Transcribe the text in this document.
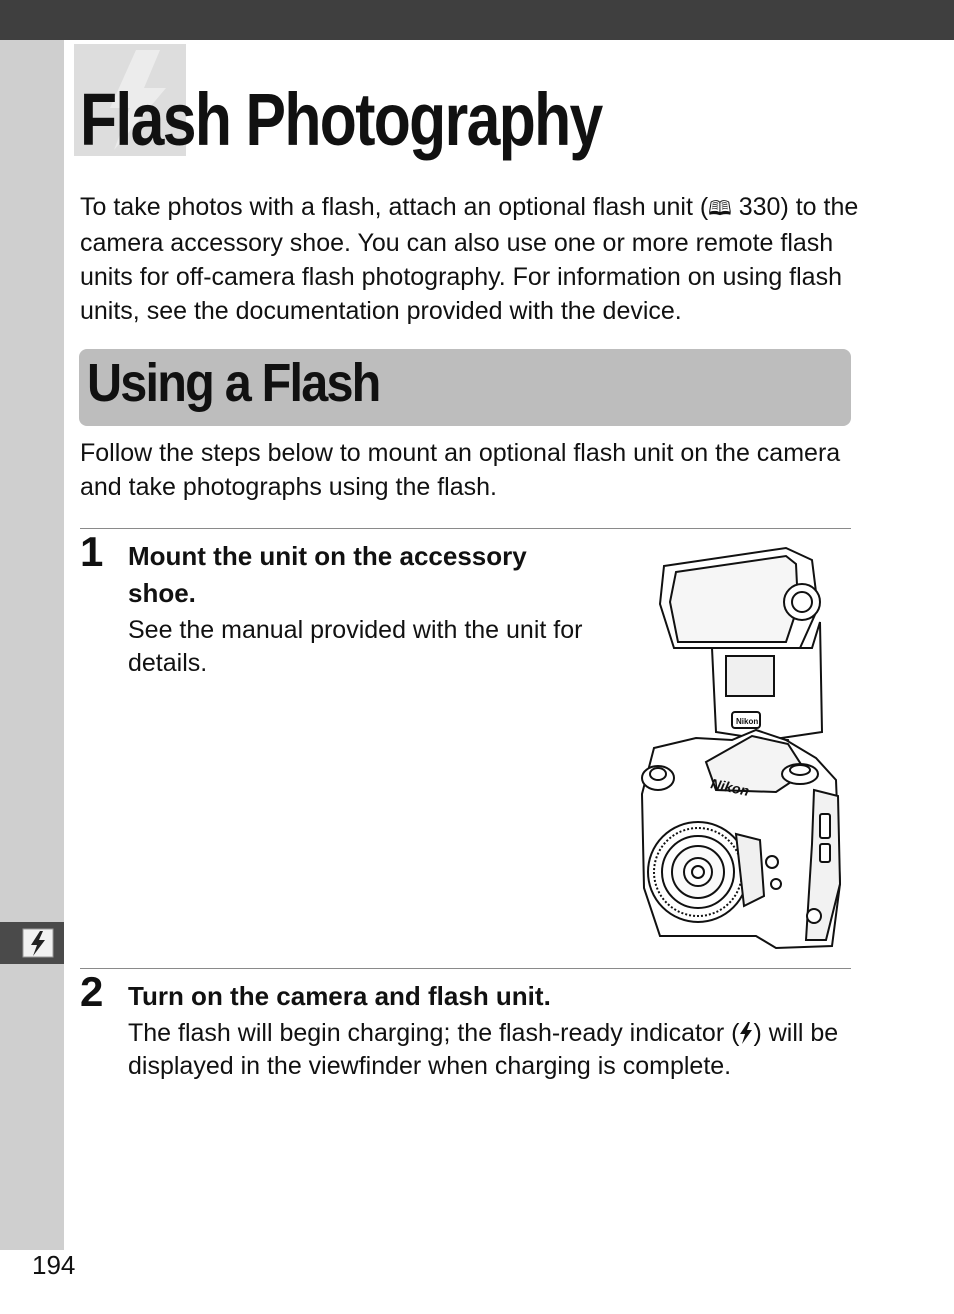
194
Flash Photography

To take photos with a flash, attach an optional flash unit (🕮 330) to the camera accessory shoe. You can also use one or more remote flash units for off-camera flash photography. For information on using flash units, see the documentation provided with the device.

Using a Flash

Follow the steps below to mount an optional flash unit on the camera and take photographs using the flash.

1 Mount the unit on the accessory shoe.

See the manual provided with the unit for details.

Nikon
Nikon
2 Turn on the camera and flash unit.

The flash will begin charging; the flash-ready indicator ( ) will be displayed in the viewfinder when charging is complete.
